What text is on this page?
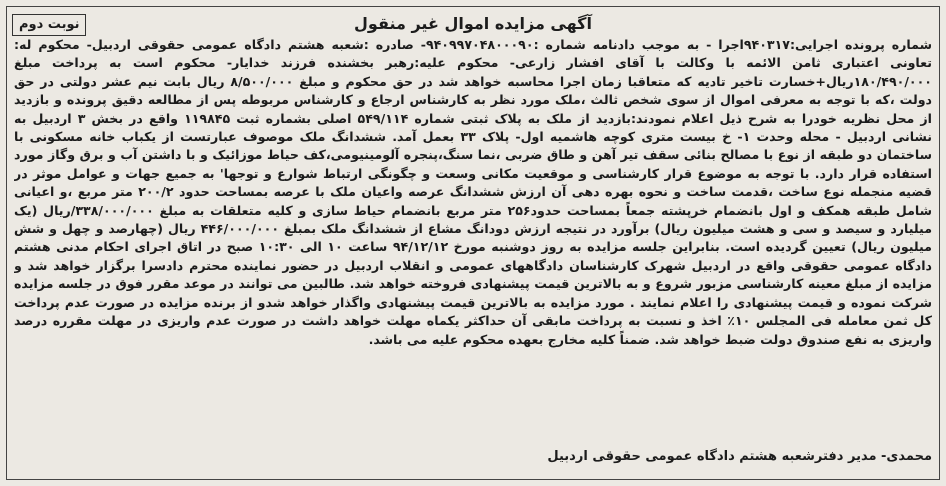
نوبت دوم	آگهی مزایده اموال غیر منقول

شماره پرونده اجرایی:۹۴۰۳۱۷اجرا - به موجب دادنامه شماره :۹۴۰۹۹۷۰۴۸۰۰۰۹۰- صادره :شعبه هشتم دادگاه عمومی حقوقی اردبیل- محکوم له: تعاونی اعتباری ثامن الائمه با وکالت با آقای افشار زارعی- محکوم علیه:رهبر بخشنده فرزند خدایار- محکوم است به پرداخت مبلغ ۱۸۰/۴۹۰/۰۰۰ریال+خسارت تاخیر تادیه که متعاقبا زمان اجرا محاسبه خواهد شد در حق محکوم و مبلغ ۸/۵۰۰/۰۰۰ ریال بابت نیم عشر دولتی در حق دولت ،که با توجه به معرفی اموال از سوی شخص ثالث ،ملک مورد نظر به کارشناس ارجاع و کارشناس مربوطه پس از مطالعه دقیق پرونده و بازدید از محل نظریه خودرا به شرح ذیل اعلام نمودند:بازدید از ملک به پلاک ثبتی شماره ۵۴۹/۱۱۴ اصلی بشماره ثبت ۱۱۹۸۴۵ واقع در بخش ۳ اردبیل به نشانی اردبیل - محله وحدت ۱- خ بیست متری کوچه هاشمیه اول- پلاک ۳۳ بعمل آمد. ششدانگ ملک موصوف عبارتست از یکباب خانه مسکونی با ساختمان دو طبقه از نوع با مصالح بنائی سقف تیر آهن و طاق ضربی ،نما سنگ،پنجره آلومینیومی،کف حیاط موزائیک و با داشتن آب و برق وگاز مورد استفاده قرار دارد. با توجه به موضوع قرار کارشناسی و موقعیت مکانی وسعت و چگونگی ارتباط شوارع و توجها' به جمیع جهات و عوامل موثر در قضیه منجمله نوع ساخت ،قدمت ساخت و نحوه بهره دهی آن ارزش ششدانگ عرصه واعیان ملک با عرصه بمساحت حدود ۲۰۰/۲ متر مربع ،و اعیانی شامل طبقه همکف و اول بانضمام خرپشته جمعاً بمساحت حدود۲۵۶ متر مربع بانضمام حیاط سازی و کلیه متعلقات به مبلغ ۳۳۸/۰۰۰/۰۰۰/ریال (یک میلیارد و سیصد و سی و هشت میلیون ریال) برآورد در نتیجه ارزش دودانگ مشاع از ششدانگ ملک بمبلغ ۴۴۶/۰۰۰/۰۰۰ ریال (چهارصد و چهل و شش میلیون ریال) تعیین گردیده است. بنابراین جلسه مزایده به روز دوشنبه مورخ ۹۴/۱۲/۱۲ ساعت ۱۰ الی ۱۰:۳۰ صبح در اتاق اجرای احکام مدنی هشتم دادگاه عمومی حقوقی واقع در اردبیل شهرک کارشناسان دادگاههای عمومی و انقلاب اردبیل در حضور نماینده محترم دادسرا برگزار خواهد شد و مزایده از مبلغ معینه کارشناسی مزبور شروع و به بالاترین قیمت پیشنهادی فروخته خواهد شد. طالبین می توانند در موعد مقرر فوق در جلسه مزایده شرکت نموده و قیمت پیشنهادی را اعلام نمایند . مورد مزایده به بالاترین قیمت پیشنهادی واگذار خواهد شدو از برنده مزایده در صورت عدم پرداخت کل ثمن معامله فی المجلس ۱۰٪ اخذ و نسبت به پرداخت مابقی آن حداکثر یکماه مهلت خواهد داشت در صورت عدم واریزی در مهلت مقرره درصد واریزی به نفع صندوق دولت ضبط خواهد شد. ضمناً کلیه مخارج بعهده محکوم علیه می باشد.

محمدی- مدیر دفترشعبه هشتم دادگاه عمومی حقوقی اردبیل
